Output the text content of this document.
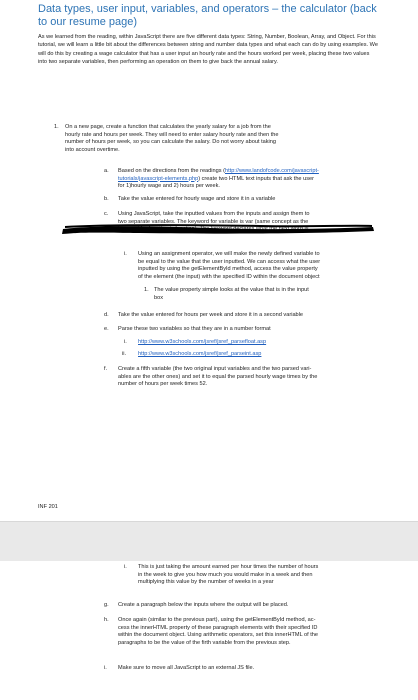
Data types, user input, variables, and operators – the calculator (back to our resume page)
As we learned from the reading, within JavaScript there are five different data types: String, Number, Boolean, Array, and Object. For this tutorial, we will learn a little bit about the differences between string and number data types and what each can do by using examples. We will do this by creating a wage calculator that has a user input an hourly rate and the hours worked per week, placing these two values into two separate variables, then performing an operation on them to give back the annual salary.
1. On a new page, create a function that calculates the yearly salary for a job from the
hourly rate and hours per week. They will need to enter salary hourly rate and then the
number of hours per week, so you can calculate the salary. Do not worry about taking
into account overtime.
a. Based on the directions from the readings (http://www.landofcode.com/javascript-
tutorials/javascript-elements.php) create two HTML text inputs that ask the user
for 1)hourly wage and 2) hours per week.
b. Take the value entered for hourly wage and store it in a variable
c. Using JavaScript, take the inputted values from the inputs and assign them to
two separate variables. The keyword for variable is var (same concept as the
i. Using an assignment operator, we will make the newly defined variable to
be equal to the value that the user inputted. We can access what the user
inputted by using the getElementById method, access the value property
of the element (the input) with the specified ID within the document object
1. The value property simple looks at the value that is in the input
box
d. Take the value entered for hours per week and store it in a second variable
e. Parse these two variables so that they are in a number format
i. http://www.w3schools.com/jsref/jsref_parsefloat.asp
ii. http://www.w3schools.com/jsref/jsref_parseint.asp
f. Create a fifth variable (the two original input variables and the two parsed vari-
ables are the other ones) and set it to equal the parsed hourly wage times by the
number of hours per week times 52.
INF 201
i. This is just taking the amount earned per hour times the number of hours
in the week to give you how much you would make in a week and then
multiplying this value by the number of weeks in a year
g. Create a paragraph below the inputs where the output will be placed.
h. Once again (similar to the previous part), using the getElementById method, ac-
cess the innerHTML property of these paragraph elements with their specified ID
within the document object. Using arithmetic operators, set this innerHTML of the
paragraphs to be the value of the firth variable from the previous step.
i. Make sure to move all JavaScript to an external JS file.
